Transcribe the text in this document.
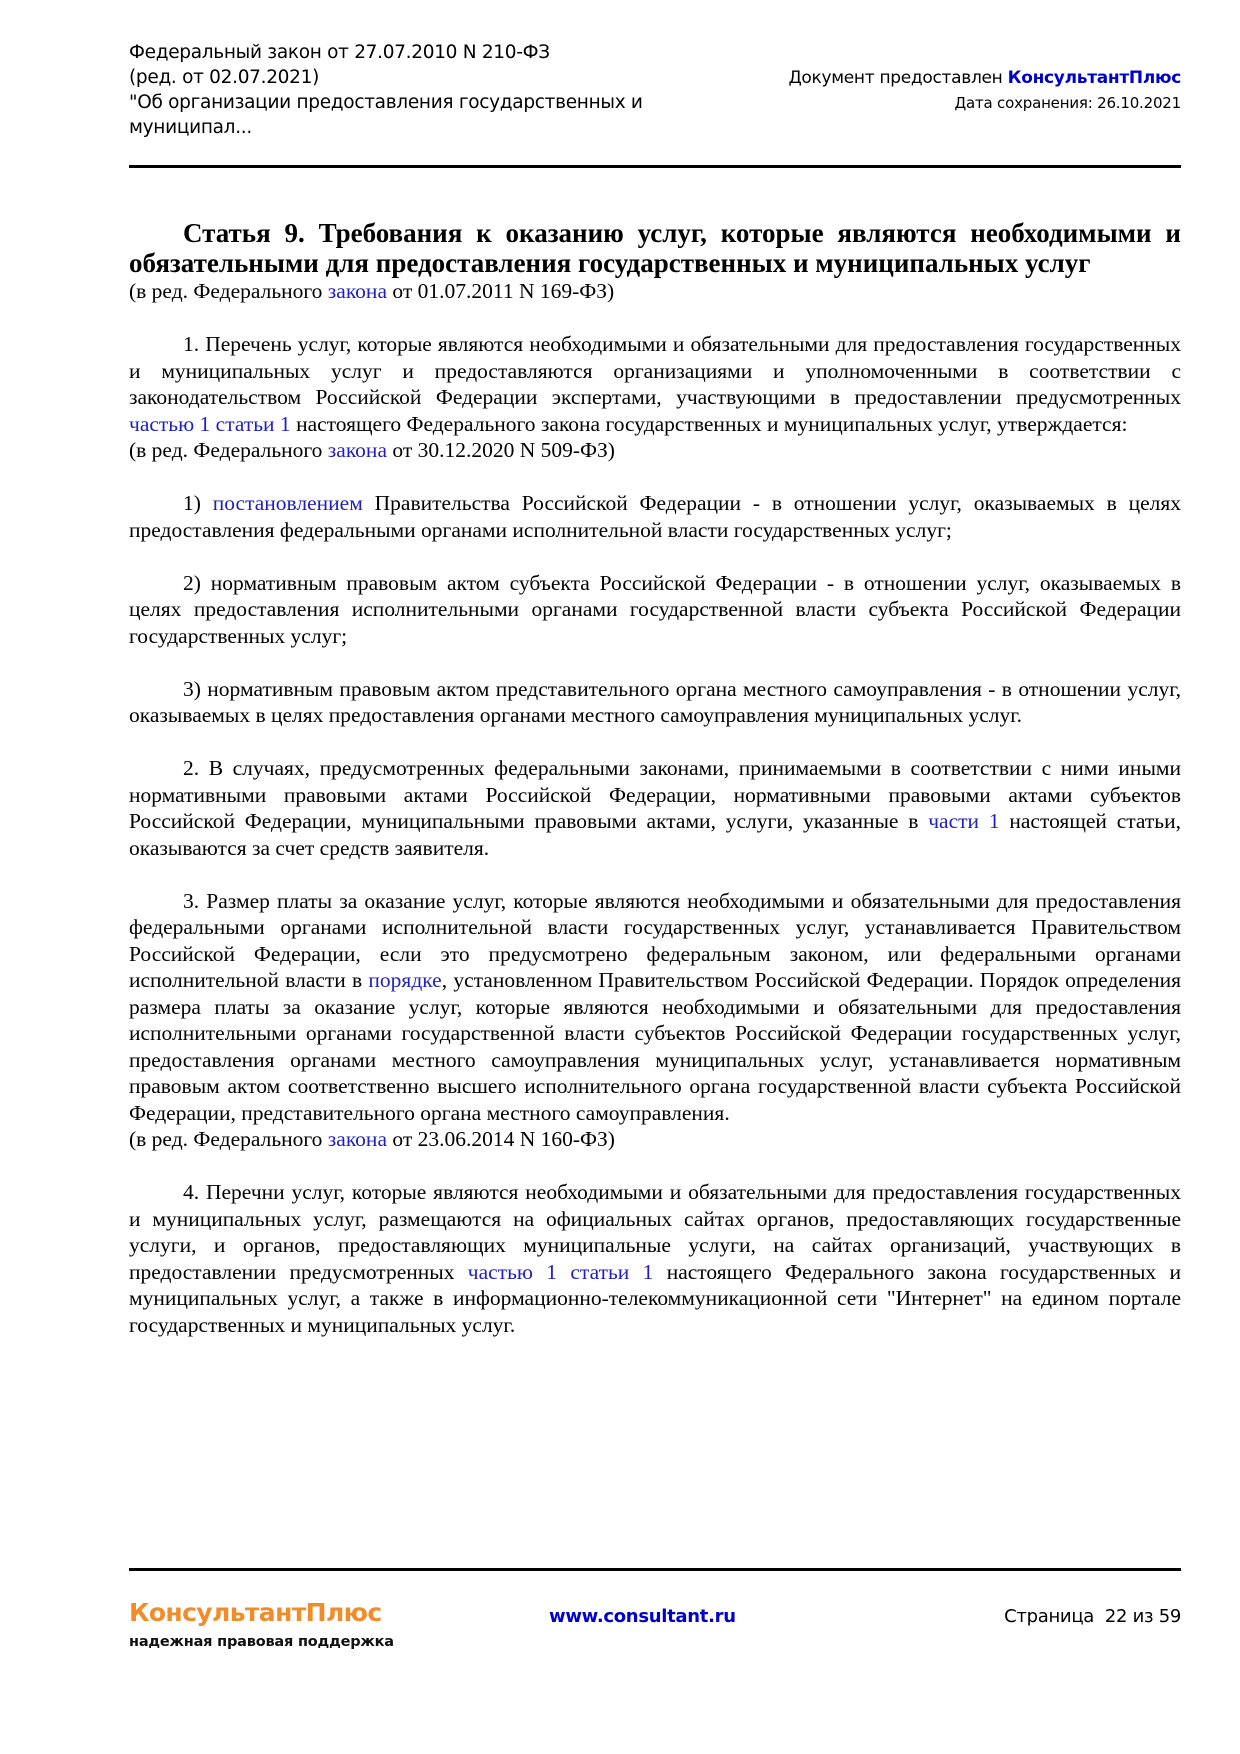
Федеральный закон от 27.07.2010 N 210-ФЗ
(ред. от 02.07.2021)
"Об организации предоставления государственных и
муниципал...
Документ предоставлен КонсультантПлюс
Дата сохранения: 26.10.2021

Статья 9. Требования к оказанию услуг, которые являются необходимыми и обязательными для предоставления государственных и муниципальных услуг

(в ред. Федерального закона от 01.07.2011 N 169-ФЗ)

1. Перечень услуг, которые являются необходимыми и обязательными для предоставления государственных и муниципальных услуг и предоставляются организациями и уполномоченными в соответствии с законодательством Российской Федерации экспертами, участвующими в предоставлении предусмотренных частью 1 статьи 1 настоящего Федерального закона государственных и муниципальных услуг, утверждается:

(в ред. Федерального закона от 30.12.2020 N 509-ФЗ)

1) постановлением Правительства Российской Федерации - в отношении услуг, оказываемых в целях предоставления федеральными органами исполнительной власти государственных услуг;

2) нормативным правовым актом субъекта Российской Федерации - в отношении услуг, оказываемых в целях предоставления исполнительными органами государственной власти субъекта Российской Федерации государственных услуг;

3) нормативным правовым актом представительного органа местного самоуправления - в отношении услуг, оказываемых в целях предоставления органами местного самоуправления муниципальных услуг.

2. В случаях, предусмотренных федеральными законами, принимаемыми в соответствии с ними иными нормативными правовыми актами Российской Федерации, нормативными правовыми актами субъектов Российской Федерации, муниципальными правовыми актами, услуги, указанные в части 1 настоящей статьи, оказываются за счет средств заявителя.

3. Размер платы за оказание услуг, которые являются необходимыми и обязательными для предоставления федеральными органами исполнительной власти государственных услуг, устанавливается Правительством Российской Федерации, если это предусмотрено федеральным законом, или федеральными органами исполнительной власти в порядке, установленном Правительством Российской Федерации. Порядок определения размера платы за оказание услуг, которые являются необходимыми и обязательными для предоставления исполнительными органами государственной власти субъектов Российской Федерации государственных услуг, предоставления органами местного самоуправления муниципальных услуг, устанавливается нормативным правовым актом соответственно высшего исполнительного органа государственной власти субъекта Российской Федерации, представительного органа местного самоуправления.

(в ред. Федерального закона от 23.06.2014 N 160-ФЗ)

4. Перечни услуг, которые являются необходимыми и обязательными для предоставления государственных и муниципальных услуг, размещаются на официальных сайтах органов, предоставляющих государственные услуги, и органов, предоставляющих муниципальные услуги, на сайтах организаций, участвующих в предоставлении предусмотренных частью 1 статьи 1 настоящего Федерального закона государственных и муниципальных услуг, а также в информационно-телекоммуникационной сети "Интернет" на едином портале государственных и муниципальных услуг.

КонсультантПлюс
надежная правовая поддержка
www.consultant.ru	Страница 22 из 59
